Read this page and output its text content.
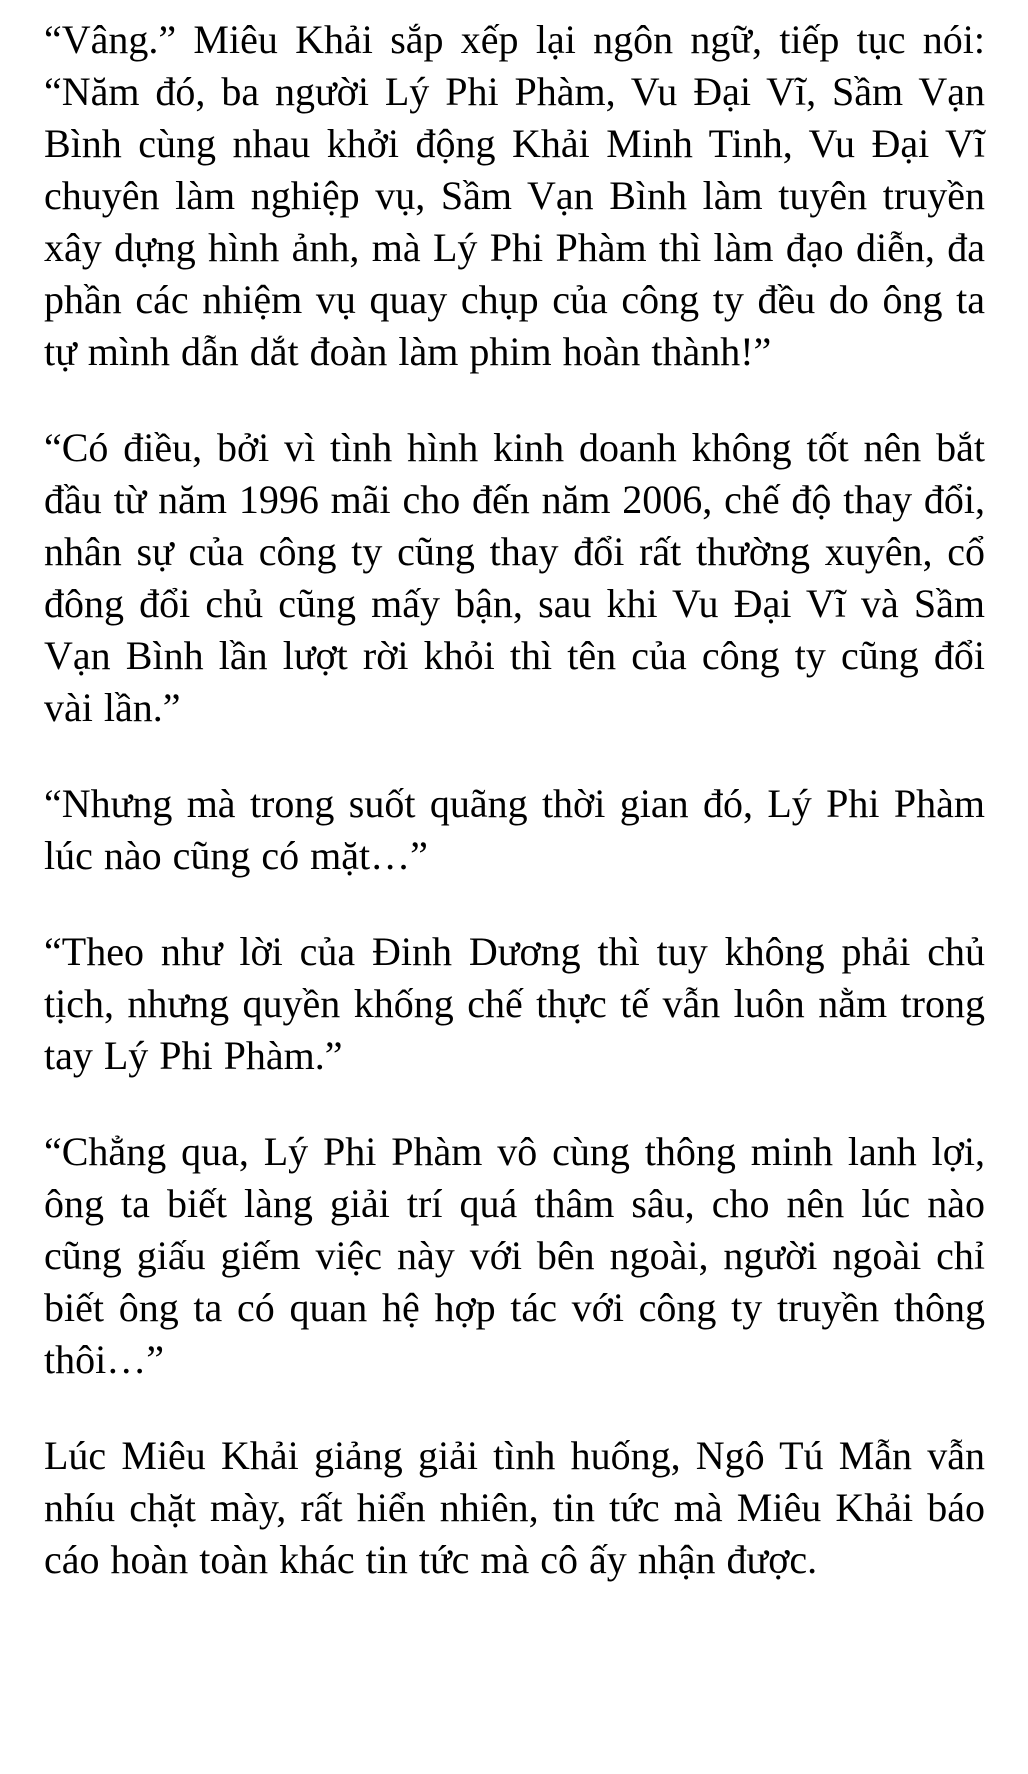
“Vâng.” Miêu Khải sắp xếp lại ngôn ngữ, tiếp tục nói: “Năm đó, ba người Lý Phi Phàm, Vu Đại Vĩ, Sầm Vạn Bình cùng nhau khởi động Khải Minh Tinh, Vu Đại Vĩ chuyên làm nghiệp vụ, Sầm Vạn Bình làm tuyên truyền xây dựng hình ảnh, mà Lý Phi Phàm thì làm đạo diễn, đa phần các nhiệm vụ quay chụp của công ty đều do ông ta tự mình dẫn dắt đoàn làm phim hoàn thành!”

“Có điều, bởi vì tình hình kinh doanh không tốt nên bắt đầu từ năm 1996 mãi cho đến năm 2006, chế độ thay đổi, nhân sự của công ty cũng thay đổi rất thường xuyên, cổ đông đổi chủ cũng mấy bận, sau khi Vu Đại Vĩ và Sầm Vạn Bình lần lượt rời khỏi thì tên của công ty cũng đổi vài lần.”

“Nhưng mà trong suốt quãng thời gian đó, Lý Phi Phàm lúc nào cũng có mặt…”

“Theo như lời của Đinh Dương thì tuy không phải chủ tịch, nhưng quyền khống chế thực tế vẫn luôn nằm trong tay Lý Phi Phàm.”

“Chẳng qua, Lý Phi Phàm vô cùng thông minh lanh lợi, ông ta biết làng giải trí quá thâm sâu, cho nên lúc nào cũng giấu giếm việc này với bên ngoài, người ngoài chỉ biết ông ta có quan hệ hợp tác với công ty truyền thông thôi…”

Lúc Miêu Khải giảng giải tình huống, Ngô Tú Mẫn vẫn nhíu chặt mày, rất hiển nhiên, tin tức mà Miêu Khải báo cáo hoàn toàn khác tin tức mà cô ấy nhận được.
